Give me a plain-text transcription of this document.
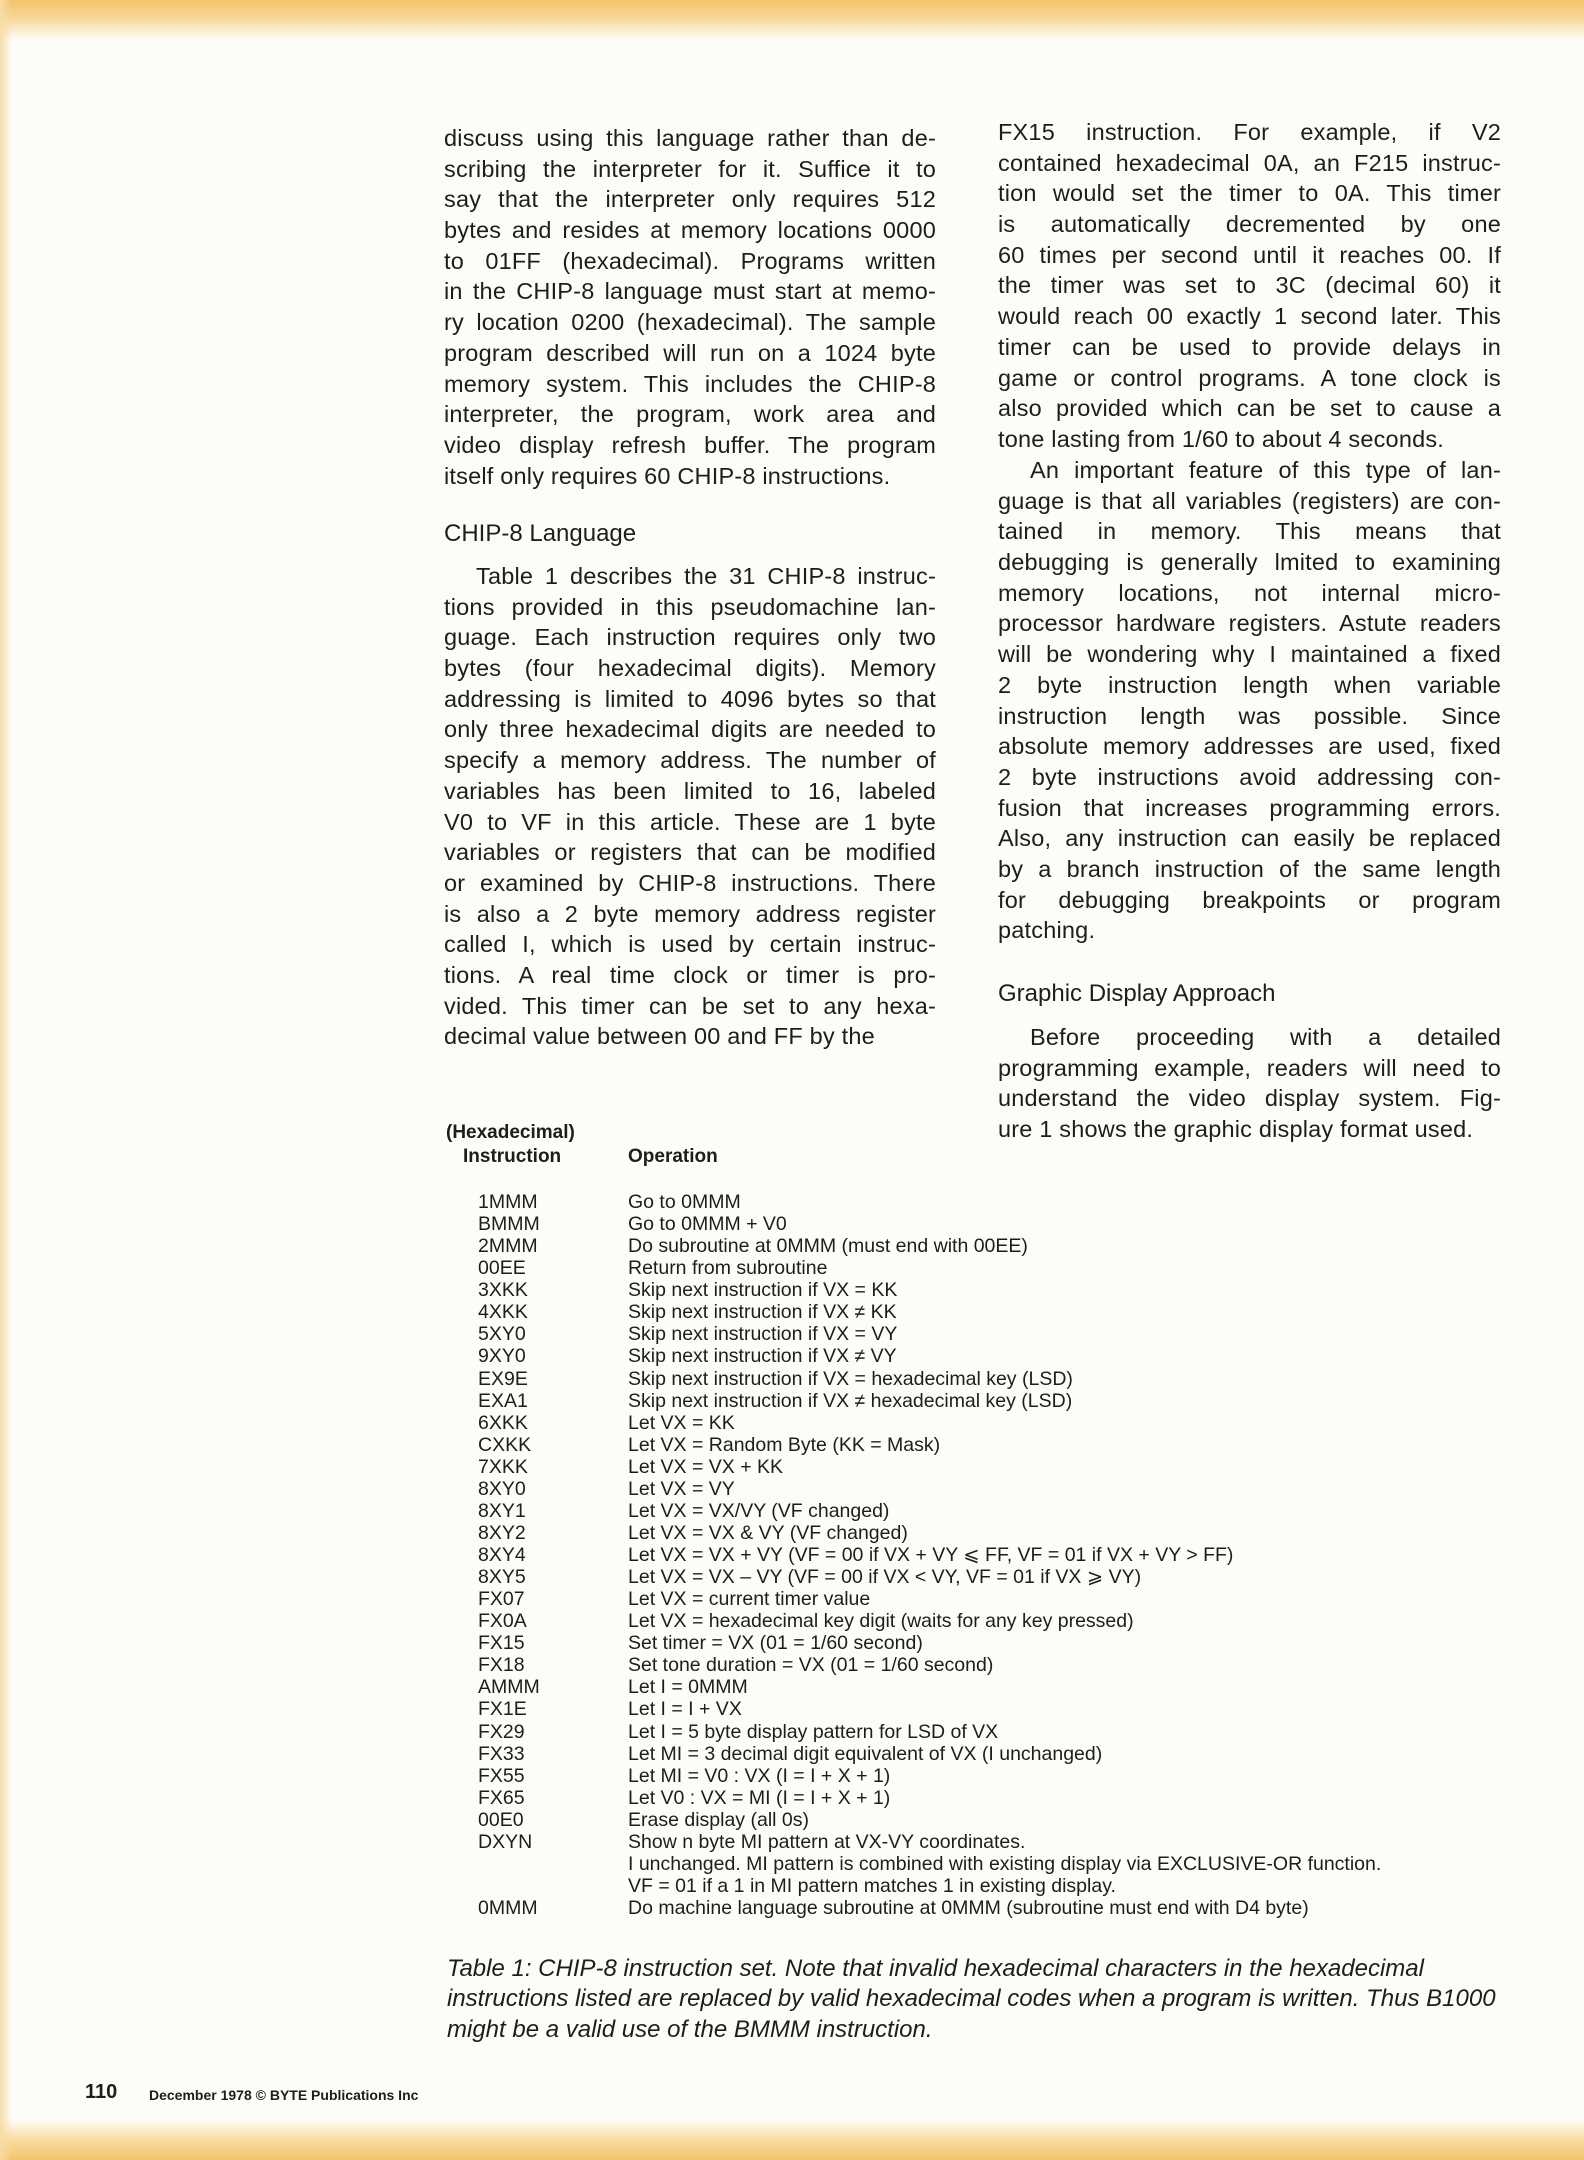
discuss using this language rather than de-
scribing the interpreter for it. Suffice it to
say that the interpreter only requires 512
bytes and resides at memory locations 0000
to 01FF (hexadecimal). Programs written
in the CHIP-8 language must start at memo-
ry location 0200 (hexadecimal). The sample
program described will run on a 1024 byte
memory system. This includes the CHIP-8
interpreter, the program, work area and
video display refresh buffer. The program
itself only requires 60 CHIP-8 instructions.
CHIP-8 Language
Table 1 describes the 31 CHIP-8 instruc-
tions provided in this pseudomachine lan-
guage. Each instruction requires only two
bytes (four hexadecimal digits). Memory
addressing is limited to 4096 bytes so that
only three hexadecimal digits are needed to
specify a memory address. The number of
variables has been limited to 16, labeled
V0 to VF in this article. These are 1 byte
variables or registers that can be modified
or examined by CHIP-8 instructions. There
is also a 2 byte memory address register
called I, which is used by certain instruc-
tions. A real time clock or timer is pro-
vided. This timer can be set to any hexa-
decimal value between 00 and FF by the
FX15 instruction. For example, if V2
contained hexadecimal 0A, an F215 instruc-
tion would set the timer to 0A. This timer
is automatically decremented by one
60 times per second until it reaches 00. If
the timer was set to 3C (decimal 60) it
would reach 00 exactly 1 second later. This
timer can be used to provide delays in
game or control programs. A tone clock is
also provided which can be set to cause a
tone lasting from 1/60 to about 4 seconds.
An important feature of this type of lan-
guage is that all variables (registers) are con-
tained in memory. This means that
debugging is generally lmited to examining
memory locations, not internal micro-
processor hardware registers. Astute readers
will be wondering why I maintained a fixed
2 byte instruction length when variable
instruction length was possible. Since
absolute memory addresses are used, fixed
2 byte instructions avoid addressing con-
fusion that increases programming errors.
Also, any instruction can easily be replaced
by a branch instruction of the same length
for debugging breakpoints or program
patching.
Graphic Display Approach
Before proceeding with a detailed
programming example, readers will need to
understand the video display system. Fig-
ure 1 shows the graphic display format used.
(Hexadecimal)
Instruction	Operation
1MMM	Go to 0MMM
BMMM	Go to 0MMM + V0
2MMM	Do subroutine at 0MMM (must end with 00EE)
00EE	Return from subroutine
3XKK	Skip next instruction if VX = KK
4XKK	Skip next instruction if VX ≠ KK
5XY0	Skip next instruction if VX = VY
9XY0	Skip next instruction if VX ≠ VY
EX9E	Skip next instruction if VX = hexadecimal key (LSD)
EXA1	Skip next instruction if VX ≠ hexadecimal key (LSD)
6XKK	Let VX = KK
CXKK	Let VX = Random Byte (KK = Mask)
7XKK	Let VX = VX + KK
8XY0	Let VX = VY
8XY1	Let VX = VX/VY (VF changed)
8XY2	Let VX = VX & VY (VF changed)
8XY4	Let VX = VX + VY (VF = 00 if VX + VY ⩽ FF, VF = 01 if VX + VY > FF)
8XY5	Let VX = VX – VY (VF = 00 if VX < VY, VF = 01 if VX ⩾ VY)
FX07	Let VX = current timer value
FX0A	Let VX = hexadecimal key digit (waits for any key pressed)
FX15	Set timer = VX (01 = 1/60 second)
FX18	Set tone duration = VX (01 = 1/60 second)
AMMM	Let I = 0MMM
FX1E	Let I = I + VX
FX29	Let I = 5 byte display pattern for LSD of VX
FX33	Let MI = 3 decimal digit equivalent of VX (I unchanged)
FX55	Let MI = V0 : VX (I = I + X + 1)
FX65	Let V0 : VX = MI (I = I + X + 1)
00E0	Erase display (all 0s)
DXYN	Show n byte MI pattern at VX-VY coordinates.
I unchanged. MI pattern is combined with existing display via EXCLUSIVE-OR function.
VF = 01 if a 1 in MI pattern matches 1 in existing display.
0MMM	Do machine language subroutine at 0MMM (subroutine must end with D4 byte)
Table 1: CHIP-8 instruction set. Note that invalid hexadecimal characters in the hexadecimal instructions listed are replaced by valid hexadecimal codes when a program is written. Thus B1000 might be a valid use of the BMMM instruction.
110 December 1978 © BYTE Publications Inc
